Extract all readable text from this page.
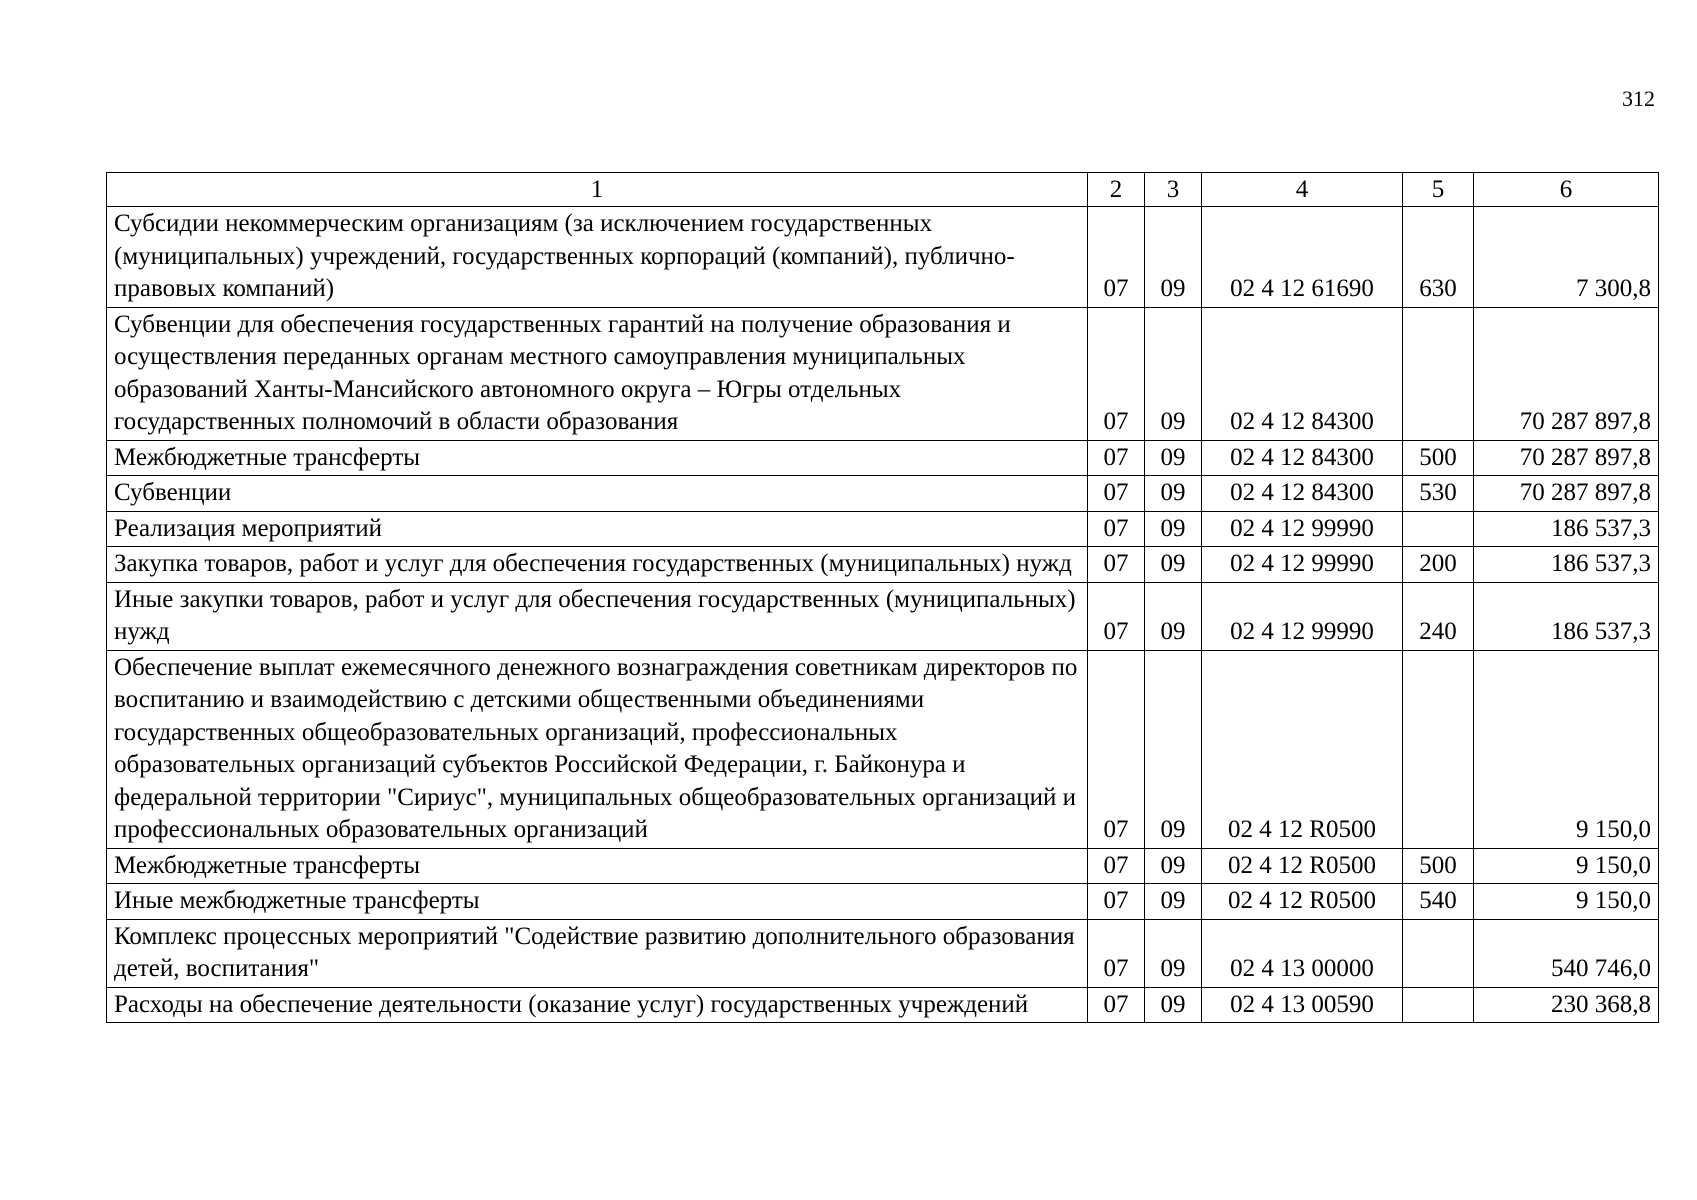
312
1	2	3	4	5	6
Субсидии некоммерческим организациям (за исключением государственных (муниципальных) учреждений, государственных корпораций (компаний), публично-правовых компаний)	07	09	02 4 12 61690	630	7 300,8
Субвенции для обеспечения государственных гарантий на получение образования и осуществления переданных органам местного самоуправления муниципальных образований Ханты-Мансийского автономного округа – Югры отдельных государственных полномочий в области образования	07	09	02 4 12 84300		70 287 897,8
Межбюджетные трансферты	07	09	02 4 12 84300	500	70 287 897,8
Субвенции	07	09	02 4 12 84300	530	70 287 897,8
Реализация мероприятий	07	09	02 4 12 99990		186 537,3
Закупка товаров, работ и услуг для обеспечения государственных (муниципальных) нужд	07	09	02 4 12 99990	200	186 537,3
Иные закупки товаров, работ и услуг для обеспечения государственных (муниципальных) нужд	07	09	02 4 12 99990	240	186 537,3
Обеспечение выплат ежемесячного денежного вознаграждения советникам директоров по воспитанию и взаимодействию с детскими общественными объединениями государственных общеобразовательных организаций, профессиональных образовательных организаций субъектов Российской Федерации, г. Байконура и федеральной территории "Сириус", муниципальных общеобразовательных организаций и профессиональных образовательных организаций	07	09	02 4 12 R0500		9 150,0
Межбюджетные трансферты	07	09	02 4 12 R0500	500	9 150,0
Иные межбюджетные трансферты	07	09	02 4 12 R0500	540	9 150,0
Комплекс процессных мероприятий "Содействие развитию дополнительного образования детей, воспитания"	07	09	02 4 13 00000		540 746,0
Расходы на обеспечение деятельности (оказание услуг) государственных учреждений	07	09	02 4 13 00590		230 368,8
